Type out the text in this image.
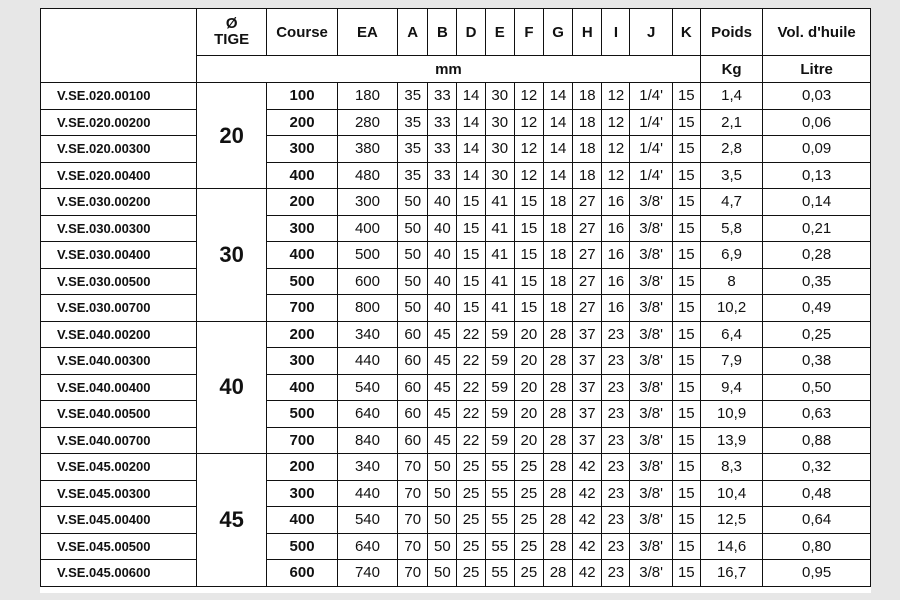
	Ø
TIGE	Course	EA	A	B	D	E	F	G	H	I	J	K	Poids	Vol. d'huile
	mm													Kg	Litre
V.SE.020.00100	20	100	180	35	33	14	30	12	14	18	12	1/4'	15	1,4	0,03
V.SE.020.00200		200	280	35	33	14	30	12	14	18	12	1/4'	15	2,1	0,06
V.SE.020.00300		300	380	35	33	14	30	12	14	18	12	1/4'	15	2,8	0,09
V.SE.020.00400		400	480	35	33	14	30	12	14	18	12	1/4'	15	3,5	0,13
V.SE.030.00200	30	200	300	50	40	15	41	15	18	27	16	3/8'	15	4,7	0,14
V.SE.030.00300		300	400	50	40	15	41	15	18	27	16	3/8'	15	5,8	0,21
V.SE.030.00400		400	500	50	40	15	41	15	18	27	16	3/8'	15	6,9	0,28
V.SE.030.00500		500	600	50	40	15	41	15	18	27	16	3/8'	15	8	0,35
V.SE.030.00700		700	800	50	40	15	41	15	18	27	16	3/8'	15	10,2	0,49
V.SE.040.00200	40	200	340	60	45	22	59	20	28	37	23	3/8'	15	6,4	0,25
V.SE.040.00300		300	440	60	45	22	59	20	28	37	23	3/8'	15	7,9	0,38
V.SE.040.00400		400	540	60	45	22	59	20	28	37	23	3/8'	15	9,4	0,50
V.SE.040.00500		500	640	60	45	22	59	20	28	37	23	3/8'	15	10,9	0,63
V.SE.040.00700		700	840	60	45	22	59	20	28	37	23	3/8'	15	13,9	0,88
V.SE.045.00200	45	200	340	70	50	25	55	25	28	42	23	3/8'	15	8,3	0,32
V.SE.045.00300		300	440	70	50	25	55	25	28	42	23	3/8'	15	10,4	0,48
V.SE.045.00400		400	540	70	50	25	55	25	28	42	23	3/8'	15	12,5	0,64
V.SE.045.00500		500	640	70	50	25	55	25	28	42	23	3/8'	15	14,6	0,80
V.SE.045.00600		600	740	70	50	25	55	25	28	42	23	3/8'	15	16,7	0,95
